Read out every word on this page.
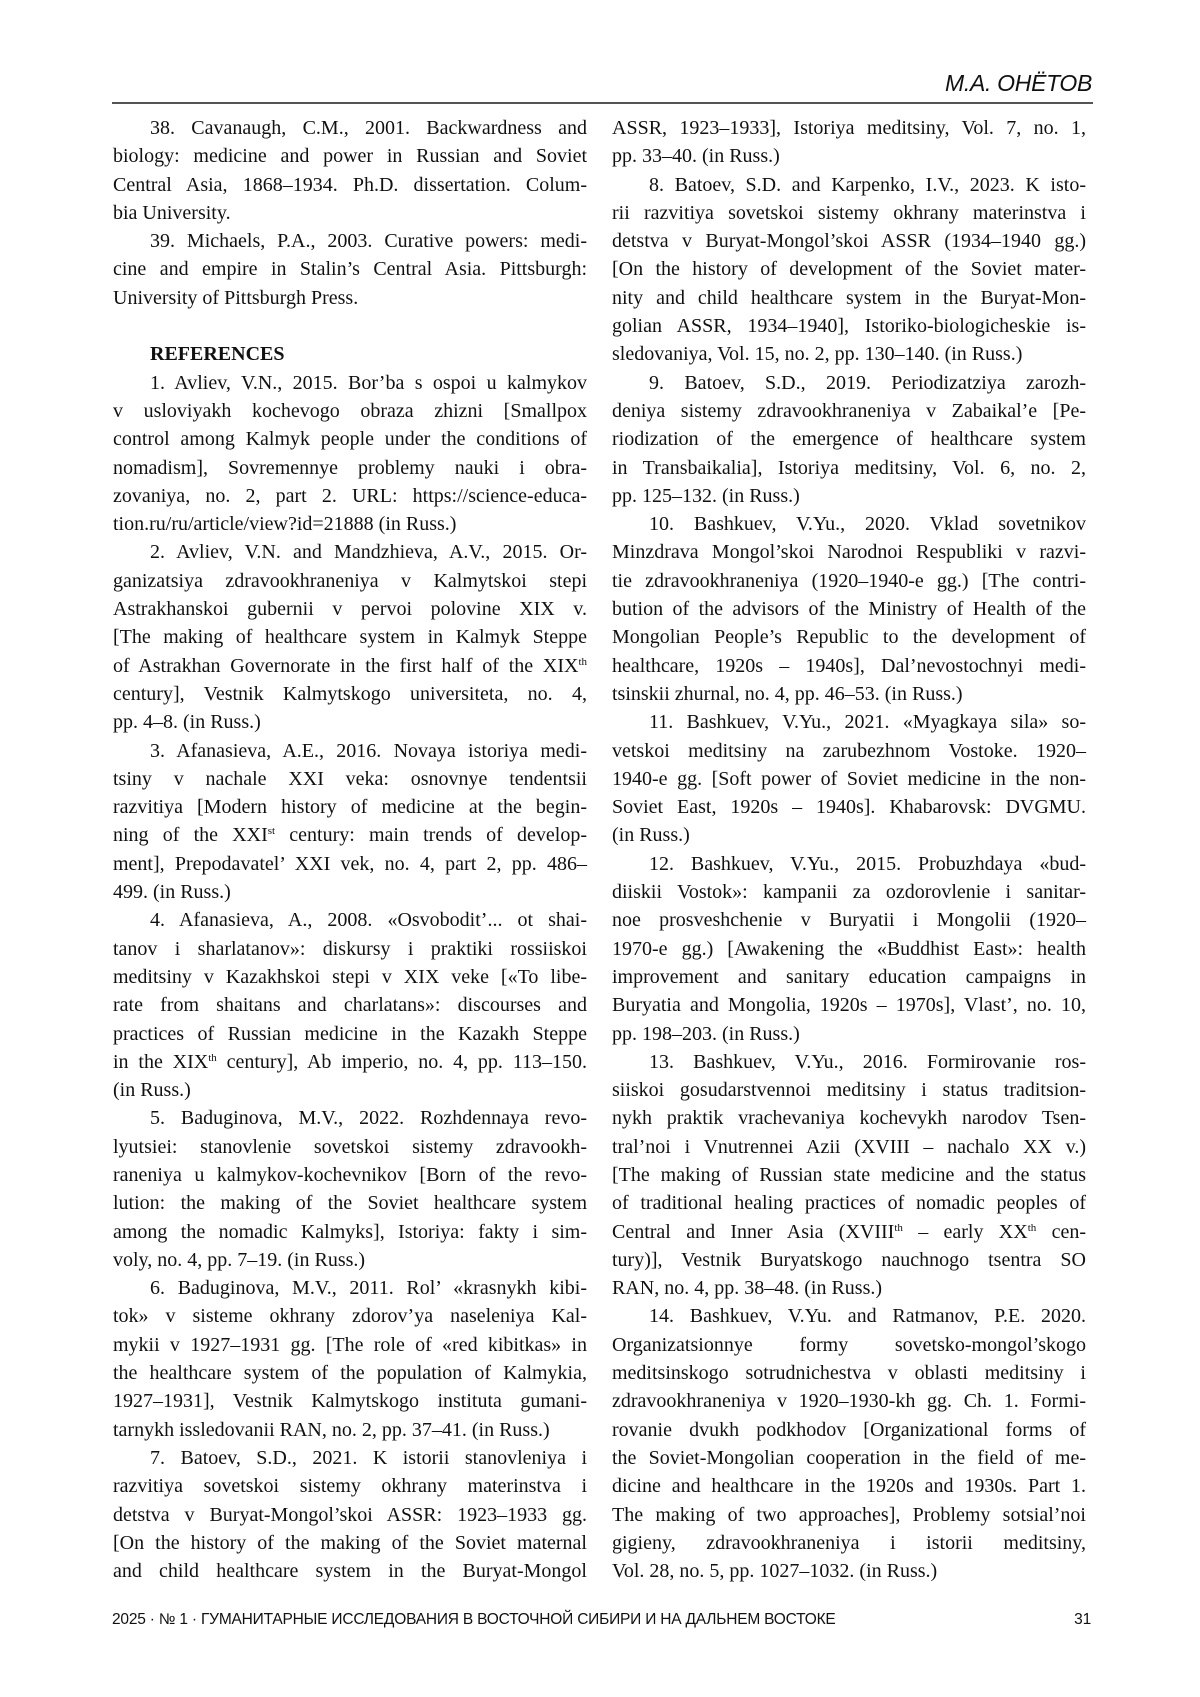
М.А. ОНЁТОВ
38. Cavanaugh, C.M., 2001. Backwardness and
biology: medicine and power in Russian and Soviet
Central Asia, 1868–1934. Ph.D. dissertation. Colum-
bia University.
39. Michaels, P.A., 2003. Curative powers: medi-
cine and empire in Stalin’s Central Asia. Pittsburgh:
University of Pittsburgh Press.
REFERENCES
1. Avliev, V.N., 2015. Bor’ba s ospoi u kalmykov
v usloviyakh kochevogo obraza zhizni [Smallpox
control among Kalmyk people under the conditions of
nomadism], Sovremennye problemy nauki i obra-
zovaniya, no. 2, part 2. URL: https://science-educa-
tion.ru/ru/article/view?id=21888 (in Russ.)
2. Avliev, V.N. and Mandzhieva, A.V., 2015. Or-
ganizatsiya zdravookhraneniya v Kalmytskoi stepi
Astrakhanskoi gubernii v pervoi polovine XIX v.
[The making of healthcare system in Kalmyk Steppe
of Astrakhan Governorate in the first half of the XIXth
century], Vestnik Kalmytskogo universiteta, no. 4,
pp. 4–8. (in Russ.)
3. Afanasieva, A.E., 2016. Novaya istoriya medi-
tsiny v nachale XXI veka: osnovnye tendentsii
razvitiya [Modern history of medicine at the begin-
ning of the XXIst century: main trends of develop-
ment], Prepodavatel’ XXI vek, no. 4, part 2, pp. 486–
499. (in Russ.)
4. Afanasieva, A., 2008. «Osvobodit’... ot shai-
tanov i sharlatanov»: diskursy i praktiki rossiiskoi
meditsiny v Kazakhskoi stepi v XIX veke [«To libe-
rate from shaitans and charlatans»: discourses and
practices of Russian medicine in the Kazakh Steppe
in the XIXth century], Ab imperio, no. 4, pp. 113–150.
(in Russ.)
5. Baduginova, M.V., 2022. Rozhdennaya revo-
lyutsiei: stanovlenie sovetskoi sistemy zdravookh-
raneniya u kalmykov-kochevnikov [Born of the revo-
lution: the making of the Soviet healthcare system
among the nomadic Kalmyks], Istoriya: fakty i sim-
voly, no. 4, pp. 7–19. (in Russ.)
6. Baduginova, M.V., 2011. Rol’ «krasnykh kibi-
tok» v sisteme okhrany zdorov’ya naseleniya Kal-
mykii v 1927–1931 gg. [The role of «red kibitkas» in
the healthcare system of the population of Kalmykia,
1927–1931], Vestnik Kalmytskogo instituta gumani-
tarnykh issledovanii RAN, no. 2, pp. 37–41. (in Russ.)
7. Batoev, S.D., 2021. K istorii stanovleniya i
razvitiya sovetskoi sistemy okhrany materinstva i
detstva v Buryat-Mongol’skoi ASSR: 1923–1933 gg.
[On the history of the making of the Soviet maternal
and child healthcare system in the Buryat-Mongol
ASSR, 1923–1933], Istoriya meditsiny, Vol. 7, no. 1,
pp. 33–40. (in Russ.)
8. Batoev, S.D. and Karpenko, I.V., 2023. K isto-
rii razvitiya sovetskoi sistemy okhrany materinstva i
detstva v Buryat-Mongol’skoi ASSR (1934–1940 gg.)
[On the history of development of the Soviet mater-
nity and child healthcare system in the Buryat-Mon-
golian ASSR, 1934–1940], Istoriko-biologicheskie is-
sledovaniya, Vol. 15, no. 2, pp. 130–140. (in Russ.)
9. Batoev, S.D., 2019. Periodizatziya zarozh-
deniya sistemy zdravookhraneniya v Zabaikal’e [Pe-
riodization of the emergence of healthcare system
in Transbaikalia], Istoriya meditsiny, Vol. 6, no. 2,
pp. 125–132. (in Russ.)
10. Bashkuev, V.Yu., 2020. Vklad sovetnikov
Minzdrava Mongol’skoi Narodnoi Respubliki v razvi-
tie zdravookhraneniya (1920–1940-e gg.) [The contri-
bution of the advisors of the Ministry of Health of the
Mongolian People’s Republic to the development of
healthcare, 1920s – 1940s], Dal’nevostochnyi medi-
tsinskii zhurnal, no. 4, pp. 46–53. (in Russ.)
11. Bashkuev, V.Yu., 2021. «Myagkaya sila» so-
vetskoi meditsiny na zarubezhnom Vostoke. 1920–
1940-e gg. [Soft power of Soviet medicine in the non-
Soviet East, 1920s – 1940s]. Khabarovsk: DVGMU.
(in Russ.)
12. Bashkuev, V.Yu., 2015. Probuzhdaya «bud-
diiskii Vostok»: kampanii za ozdorovlenie i sanitar-
noe prosveshchenie v Buryatii i Mongolii (1920–
1970-e gg.) [Awakening the «Buddhist East»: health
improvement and sanitary education campaigns in
Buryatia and Mongolia, 1920s – 1970s], Vlast’, no. 10,
pp. 198–203. (in Russ.)
13. Bashkuev, V.Yu., 2016. Formirovanie ros-
siiskoi gosudarstvennoi meditsiny i status traditsion-
nykh praktik vrachevaniya kochevykh narodov Tsen-
tral’noi i Vnutrennei Azii (XVIII – nachalo XX v.)
[The making of Russian state medicine and the status
of traditional healing practices of nomadic peoples of
Central and Inner Asia (XVIIIth – early XXth cen-
tury)], Vestnik Buryatskogo nauchnogo tsentra SO
RAN, no. 4, pp. 38–48. (in Russ.)
14. Bashkuev, V.Yu. and Ratmanov, P.E. 2020.
Organizatsionnye formy sovetsko-mongol’skogo
meditsinskogo sotrudnichestva v oblasti meditsiny i
zdravookhraneniya v 1920–1930-kh gg. Ch. 1. Formi-
rovanie dvukh podkhodov [Organizational forms of
the Soviet-Mongolian cooperation in the field of me-
dicine and healthcare in the 1920s and 1930s. Part 1.
The making of two approaches], Problemy sotsial’noi
gigieny, zdravookhraneniya i istorii meditsiny,
Vol. 28, no. 5, pp. 1027–1032. (in Russ.)
2025 · № 1 · ГУМАНИТАРНЫЕ ИССЛЕДОВАНИЯ В ВОСТОЧНОЙ СИБИРИ И НА ДАЛЬНЕМ ВОСТОКЕ	31
